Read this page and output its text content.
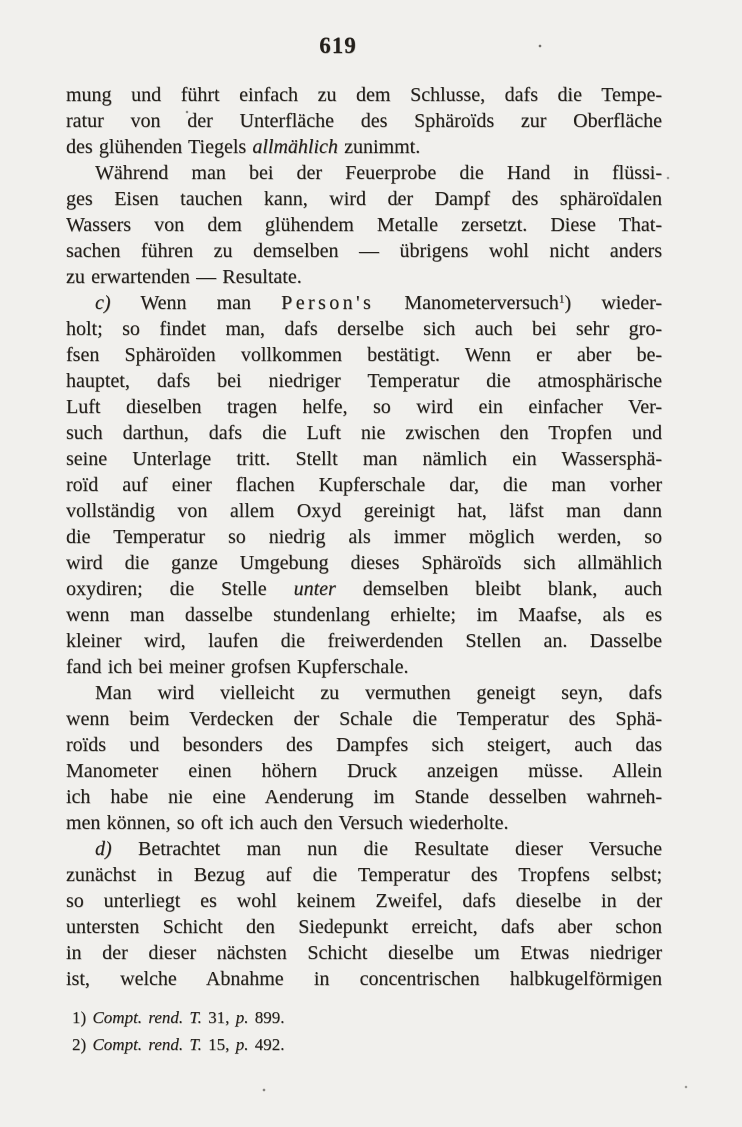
619
mung und führt einfach zu dem Schlusse, dafs die Tempe-
ratur von der Unterfläche des Sphäroïds zur Oberfläche
des glühenden Tiegels allmählich zunimmt.
Während man bei der Feuerprobe die Hand in flüssi-
ges Eisen tauchen kann, wird der Dampf des sphäroïdalen
Wassers von dem glühendem Metalle zersetzt. Diese That-
sachen führen zu demselben — übrigens wohl nicht anders
zu erwartenden — Resultate.
c) Wenn man Person's Manometerversuch$^1$) wieder-
holt; so findet man, dafs derselbe sich auch bei sehr gro-
fsen Sphäroïden vollkommen bestätigt. Wenn er aber be-
hauptet, dafs bei niedriger Temperatur die atmosphärische
Luft dieselben tragen helfe, so wird ein einfacher Ver-
such darthun, dafs die Luft nie zwischen den Tropfen und
seine Unterlage tritt. Stellt man nämlich ein Wassersphä-
roïd auf einer flachen Kupferschale dar, die man vorher
vollständig von allem Oxyd gereinigt hat, läfst man dann
die Temperatur so niedrig als immer möglich werden, so
wird die ganze Umgebung dieses Sphäroïds sich allmählich
oxydiren; die Stelle unter demselben bleibt blank, auch
wenn man dasselbe stundenlang erhielte; im Maafse, als es
kleiner wird, laufen die freiwerdenden Stellen an. Dasselbe
fand ich bei meiner grofsen Kupferschale.
Man wird vielleicht zu vermuthen geneigt seyn, dafs
wenn beim Verdecken der Schale die Temperatur des Sphä-
roïds und besonders des Dampfes sich steigert, auch das
Manometer einen höhern Druck anzeigen müsse. Allein
ich habe nie eine Aenderung im Stande desselben wahrneh-
men können, so oft ich auch den Versuch wiederholte.
d) Betrachtet man nun die Resultate dieser Versuche
zunächst in Bezug auf die Temperatur des Tropfens selbst;
so unterliegt es wohl keinem Zweifel, dafs dieselbe in der
untersten Schicht den Siedepunkt erreicht, dafs aber schon
in der dieser nächsten Schicht dieselbe um Etwas niedriger
ist, welche Abnahme in concentrischen halbkugelförmigen
1) Compt. rend. T. 31, p. 899.
2) Compt. rend. T. 15, p. 492.
